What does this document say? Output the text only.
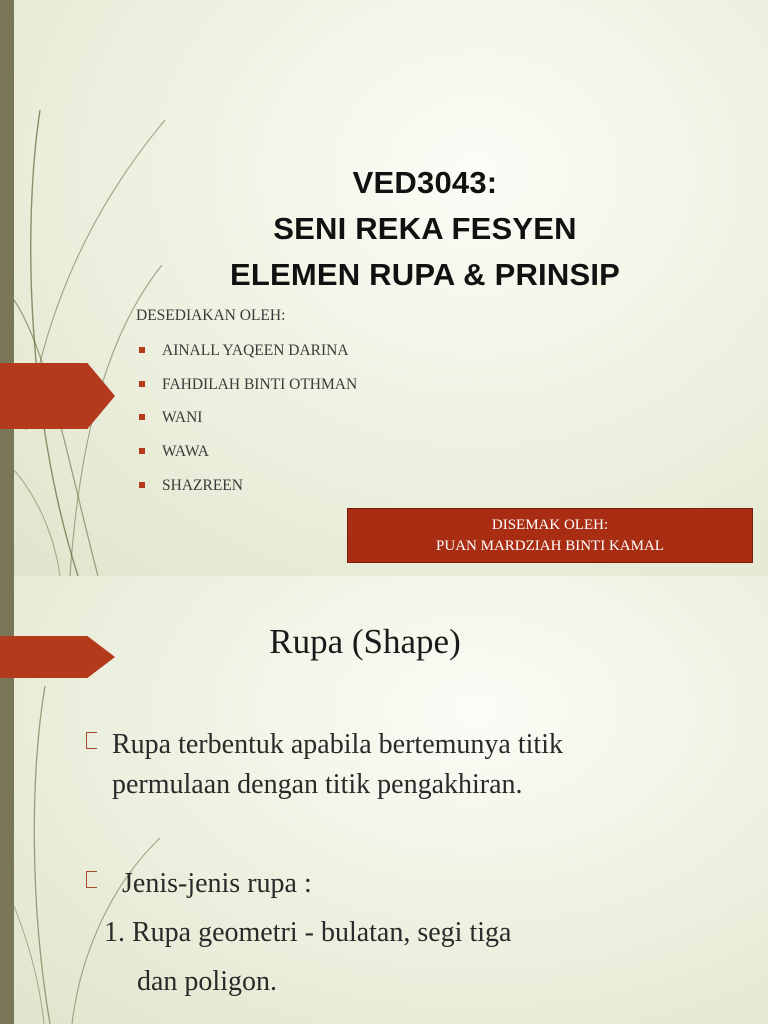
VED3043:
SENI REKA FESYEN
ELEMEN RUPA & PRINSIP
DESEDIAKAN OLEH:
AINALL YAQEEN DARINA
FAHDILAH BINTI OTHMAN
WANI
WAWA
SHAZREEN
DISEMAK OLEH:
PUAN MARDZIAH BINTI KAMAL
Rupa (Shape)
Rupa terbentuk apabila bertemunya titik
permulaan dengan titik pengakhiran.
Jenis-jenis rupa :
1. Rupa geometri - bulatan, segi tiga
dan poligon.
